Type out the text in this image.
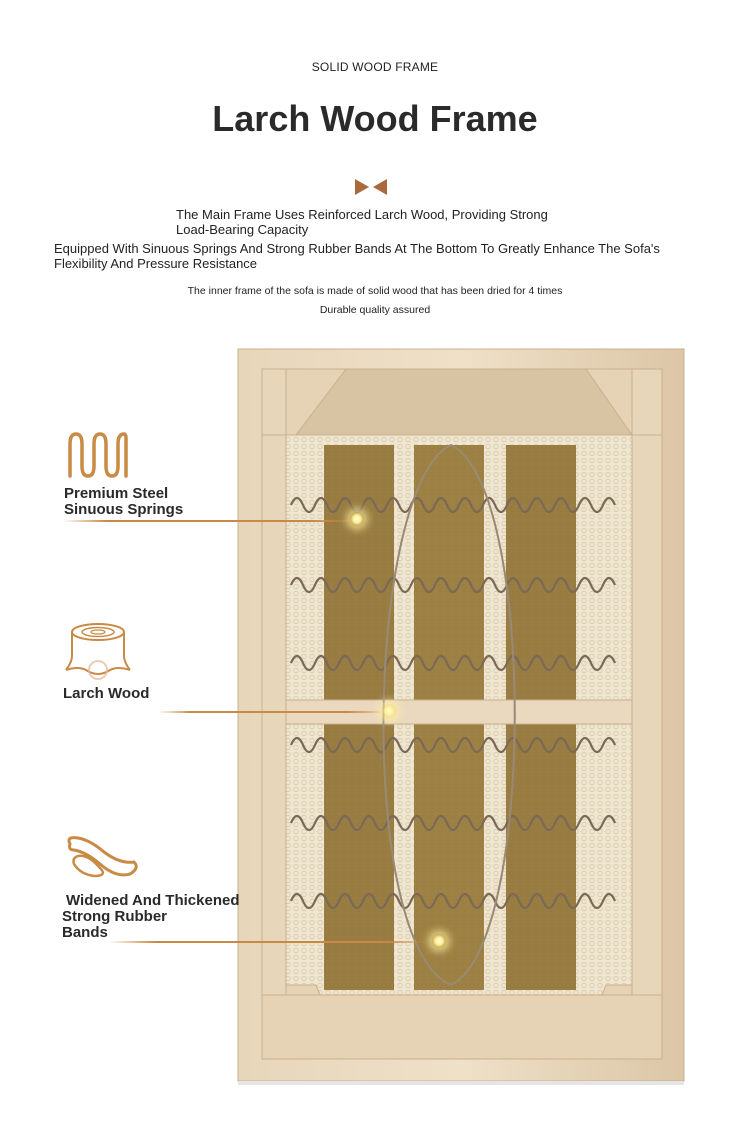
SOLID WOOD FRAME
Larch Wood Frame
The Main Frame Uses Reinforced Larch Wood, Providing Strong Load-Bearing Capacity
Equipped With Sinuous Springs And Strong Rubber Bands At The Bottom To Greatly Enhance The Sofa's Flexibility And Pressure Resistance
The inner frame of the sofa is made of solid wood that has been dried for 4 times
Durable quality assured
Premium Steel
Sinuous Springs
Larch Wood
Widened And Thickened
Strong Rubber
Bands
